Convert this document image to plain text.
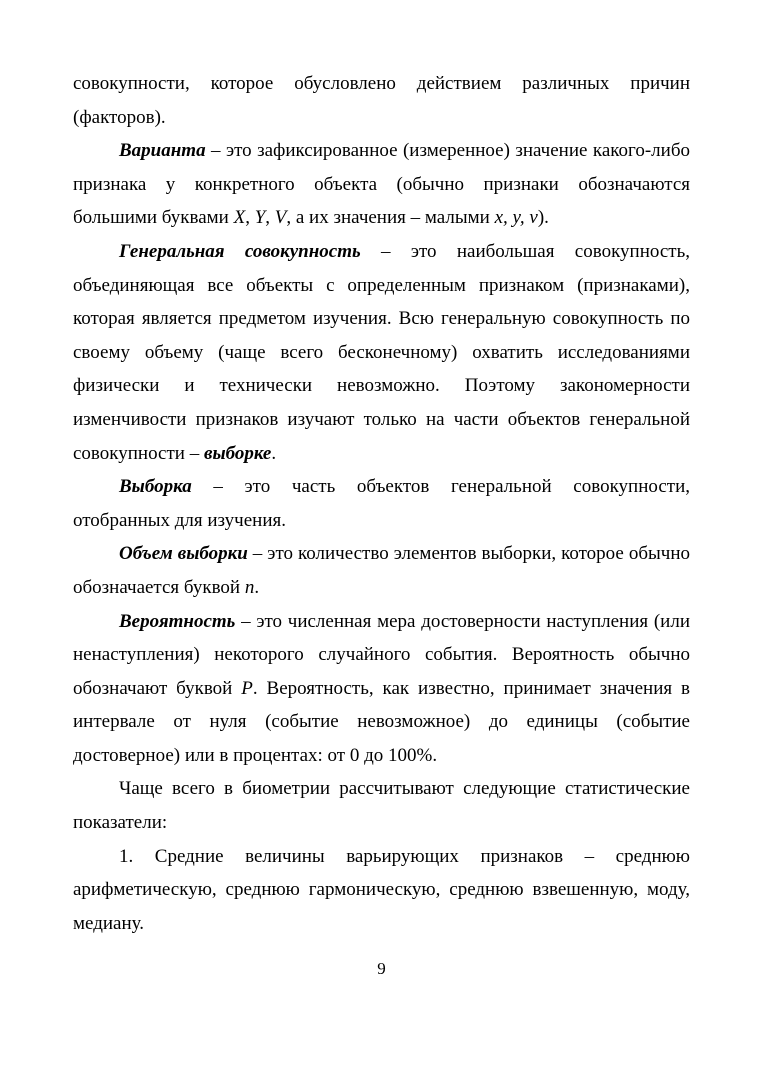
совокупности, которое обусловлено действием различных причин (факторов).

Варианта – это зафиксированное (измеренное) значение какого-либо признака у конкретного объекта (обычно признаки обозначаются большими буквами X, Y, V, а их значения – малыми x, y, v).

Генеральная совокупность – это наибольшая совокупность, объединяющая все объекты с определенным признаком (признаками), которая является предметом изучения. Всю генеральную совокупность по своему объему (чаще всего бесконечному) охватить исследованиями физически и технически невозможно. Поэтому закономерности изменчивости признаков изучают только на части объектов генеральной совокупности – выборке.

Выборка – это часть объектов генеральной совокупности, отобранных для изучения.

Объем выборки – это количество элементов выборки, которое обычно обозначается буквой n.

Вероятность – это численная мера достоверности наступления (или ненаступления) некоторого случайного события. Вероятность обычно обозначают буквой P. Вероятность, как известно, принимает значения в интервале от нуля (событие невозможное) до единицы (событие достоверное) или в процентах: от 0 до 100%.

Чаще всего в биометрии рассчитывают следующие статистические показатели:

1. Средние величины варьирующих признаков – среднюю арифметическую, среднюю гармоническую, среднюю взвешенную, моду, медиану.

9
